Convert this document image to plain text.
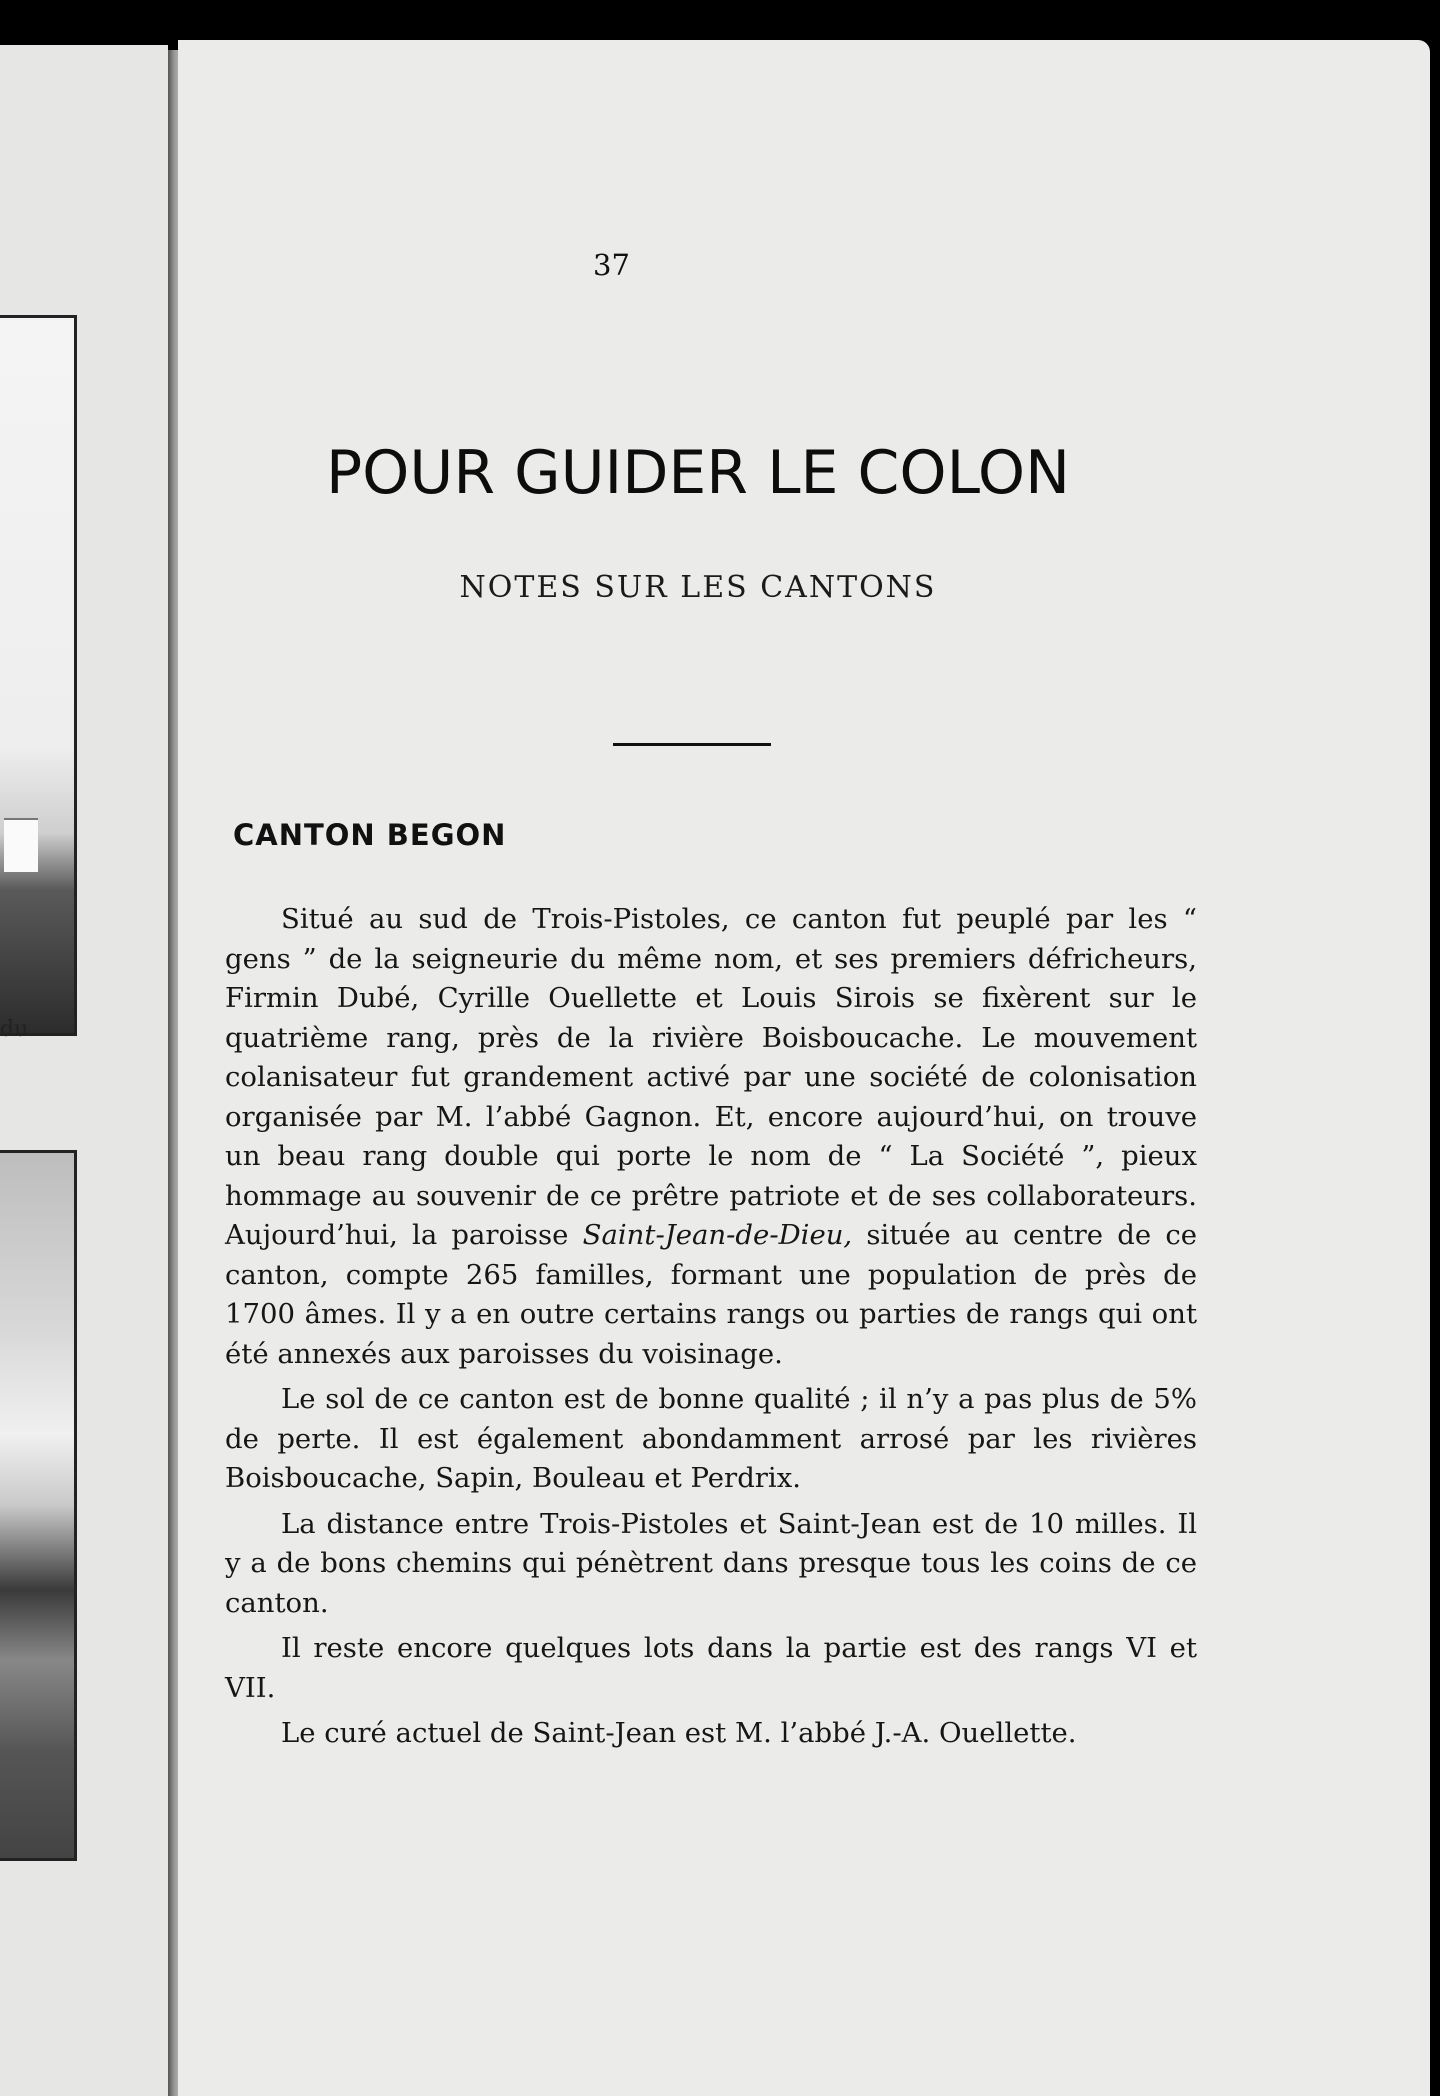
du
37
POUR GUIDER LE COLON
NOTES SUR LES CANTONS
CANTON BEGON

Situé au sud de Trois-Pistoles, ce canton fut peuplé par les “ gens ” de la seigneurie du même nom, et ses premiers défricheurs, Firmin Dubé, Cyrille Ouellette et Louis Sirois se fixèrent sur le quatrième rang, près de la rivière Boisboucache. Le mouvement colanisateur fut grandement activé par une société de colonisation organisée par M. l’abbé Gagnon. Et, encore aujourd’hui, on trouve un beau rang double qui porte le nom de “ La Société ”, pieux hommage au souvenir de ce prêtre patriote et de ses collaborateurs. Aujourd’hui, la paroisse Saint-Jean-de-Dieu, située au centre de ce canton, compte 265 familles, formant une population de près de 1700 âmes. Il y a en outre certains rangs ou parties de rangs qui ont été annexés aux paroisses du voisinage.

Le sol de ce canton est de bonne qualité ; il n’y a pas plus de 5% de perte. Il est également abondamment arrosé par les rivières Boisboucache, Sapin, Bouleau et Perdrix.

La distance entre Trois-Pistoles et Saint-Jean est de 10 milles. Il y a de bons chemins qui pénètrent dans presque tous les coins de ce canton.

Il reste encore quelques lots dans la partie est des rangs VI et VII.

Le curé actuel de Saint-Jean est M. l’abbé J.-A. Ouellette.
